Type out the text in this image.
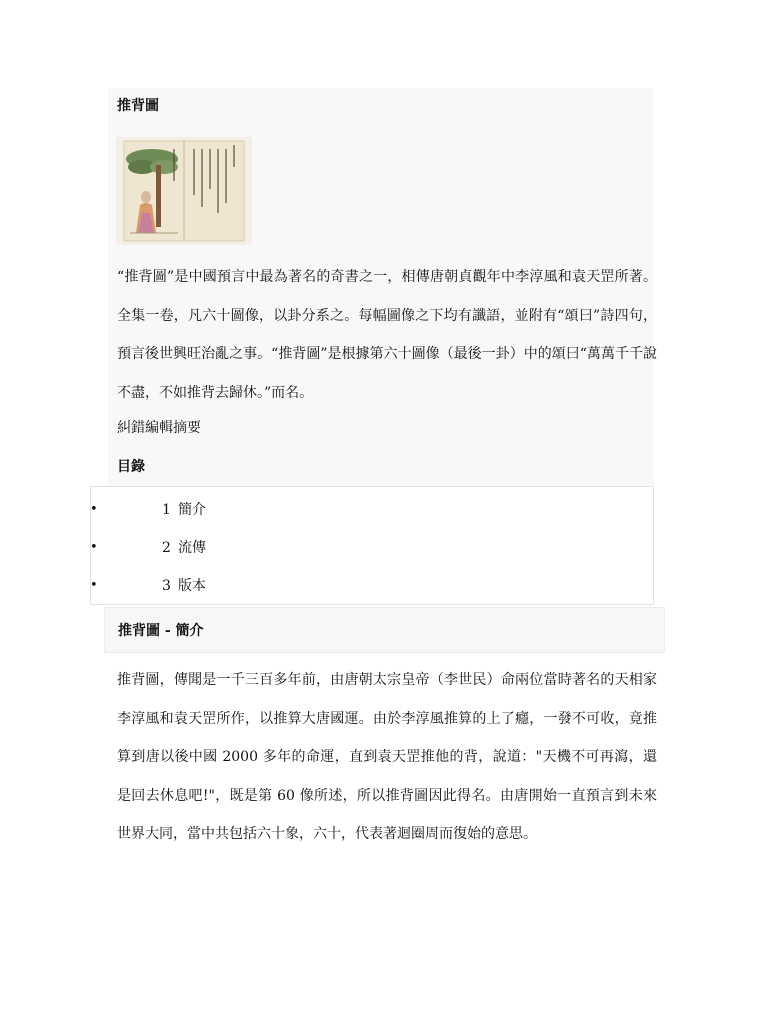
推背圖

“推背圖”是中國預言中最為著名的奇書之一，相傳唐朝貞觀年中李淳風和袁天罡所著。全集一卷，凡六十圖像，以卦分系之。每幅圖像之下均有讖語，並附有“頌曰”詩四句，預言後世興旺治亂之事。“推背圖”是根據第六十圖像（最後一卦）中的頌曰“萬萬千千說不盡，不如推背去歸休。”而名。

糾錯編輯摘要
目錄
•	1 簡介
•	2 流傳
•	3 版本
推背圖 - 簡介

推背圖，傳聞是一千三百多年前，由唐朝太宗皇帝（李世民）命兩位當時著名的天相家李淳風和袁天罡所作，以推算大唐國運。由於李淳風推算的上了癮，一發不可收，竟推算到唐以後中國 2000 多年的命運，直到袁天罡推他的背，說道："天機不可再瀉，還是回去休息吧!"，既是第 60 像所述，所以推背圖因此得名。由唐開始一直預言到未來世界大同，當中共包括六十象，六十，代表著迴圈周而復始的意思。
